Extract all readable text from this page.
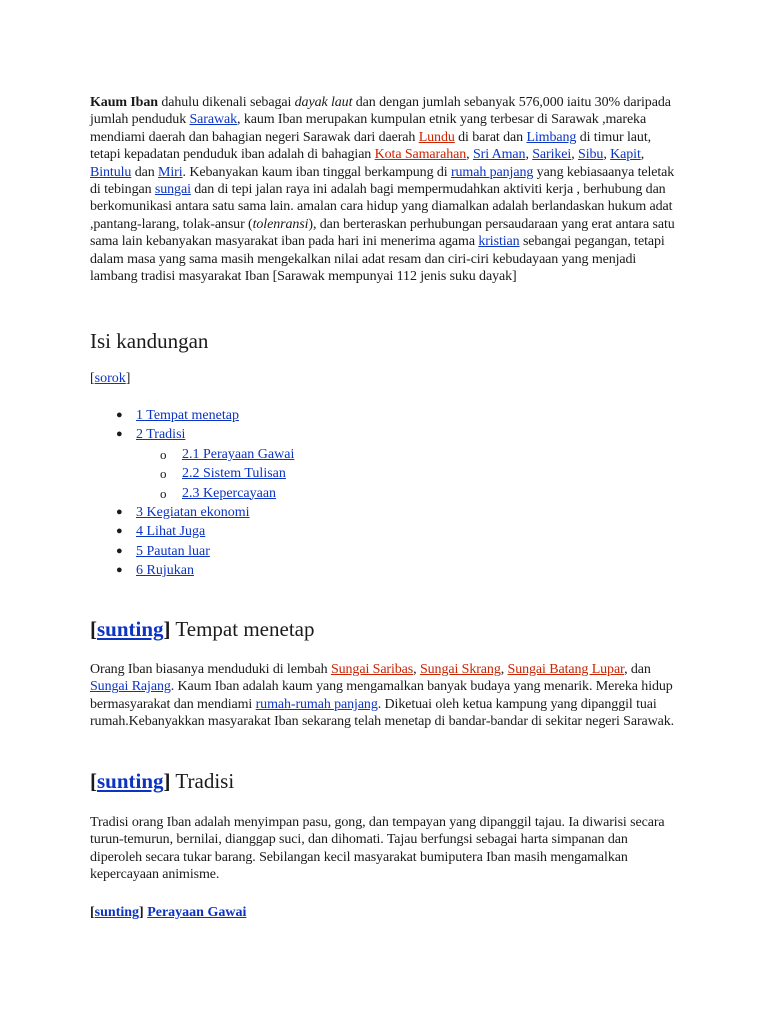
Kaum Iban dahulu dikenali sebagai dayak laut dan dengan jumlah sebanyak 576,000 iaitu 30% daripada jumlah penduduk Sarawak, kaum Iban merupakan kumpulan etnik yang terbesar di Sarawak ,mareka mendiami daerah dan bahagian negeri Sarawak dari daerah Lundu di barat dan Limbang di timur laut, tetapi kepadatan penduduk iban adalah di bahagian Kota Samarahan, Sri Aman, Sarikei, Sibu, Kapit, Bintulu dan Miri. Kebanyakan kaum iban tinggal berkampung di rumah panjang yang kebiasaanya teletak di tebingan sungai dan di tepi jalan raya ini adalah bagi mempermudahkan aktiviti kerja , berhubung dan berkomunikasi antara satu sama lain. amalan cara hidup yang diamalkan adalah berlandaskan hukum adat ,pantang-larang, tolak-ansur (tolenransi), dan berteraskan perhubungan persaudaraan yang erat antara satu sama lain kebanyakan masyarakat iban pada hari ini menerima agama kristian sebangai pegangan, tetapi dalam masa yang sama masih mengekalkan nilai adat resam dan ciri-ciri kebudayaan yang menjadi lambang tradisi masyarakat Iban [Sarawak mempunyai 112 jenis suku dayak]

Isi kandungan
[sorok]
● 1 Tempat menetap
● 2 Tradisi
o 2.1 Perayaan Gawai
o 2.2 Sistem Tulisan
o 2.3 Kepercayaan
● 3 Kegiatan ekonomi
● 4 Lihat Juga
● 5 Pautan luar
● 6 Rujukan
[sunting] Tempat menetap

Orang Iban biasanya menduduki di lembah Sungai Saribas, Sungai Skrang, Sungai Batang Lupar, dan Sungai Rajang. Kaum Iban adalah kaum yang mengamalkan banyak budaya yang menarik. Mereka hidup bermasyarakat dan mendiami rumah-rumah panjang. Diketuai oleh ketua kampung yang dipanggil tuai rumah.Kebanyakkan masyarakat Iban sekarang telah menetap di bandar-bandar di sekitar negeri Sarawak.

[sunting] Tradisi

Tradisi orang Iban adalah menyimpan pasu, gong, dan tempayan yang dipanggil tajau. Ia diwarisi secara turun-temurun, bernilai, dianggap suci, dan dihomati. Tajau berfungsi sebagai harta simpanan dan diperoleh secara tukar barang. Sebilangan kecil masyarakat bumiputera Iban masih mengamalkan kepercayaan animisme.

[sunting] Perayaan Gawai
